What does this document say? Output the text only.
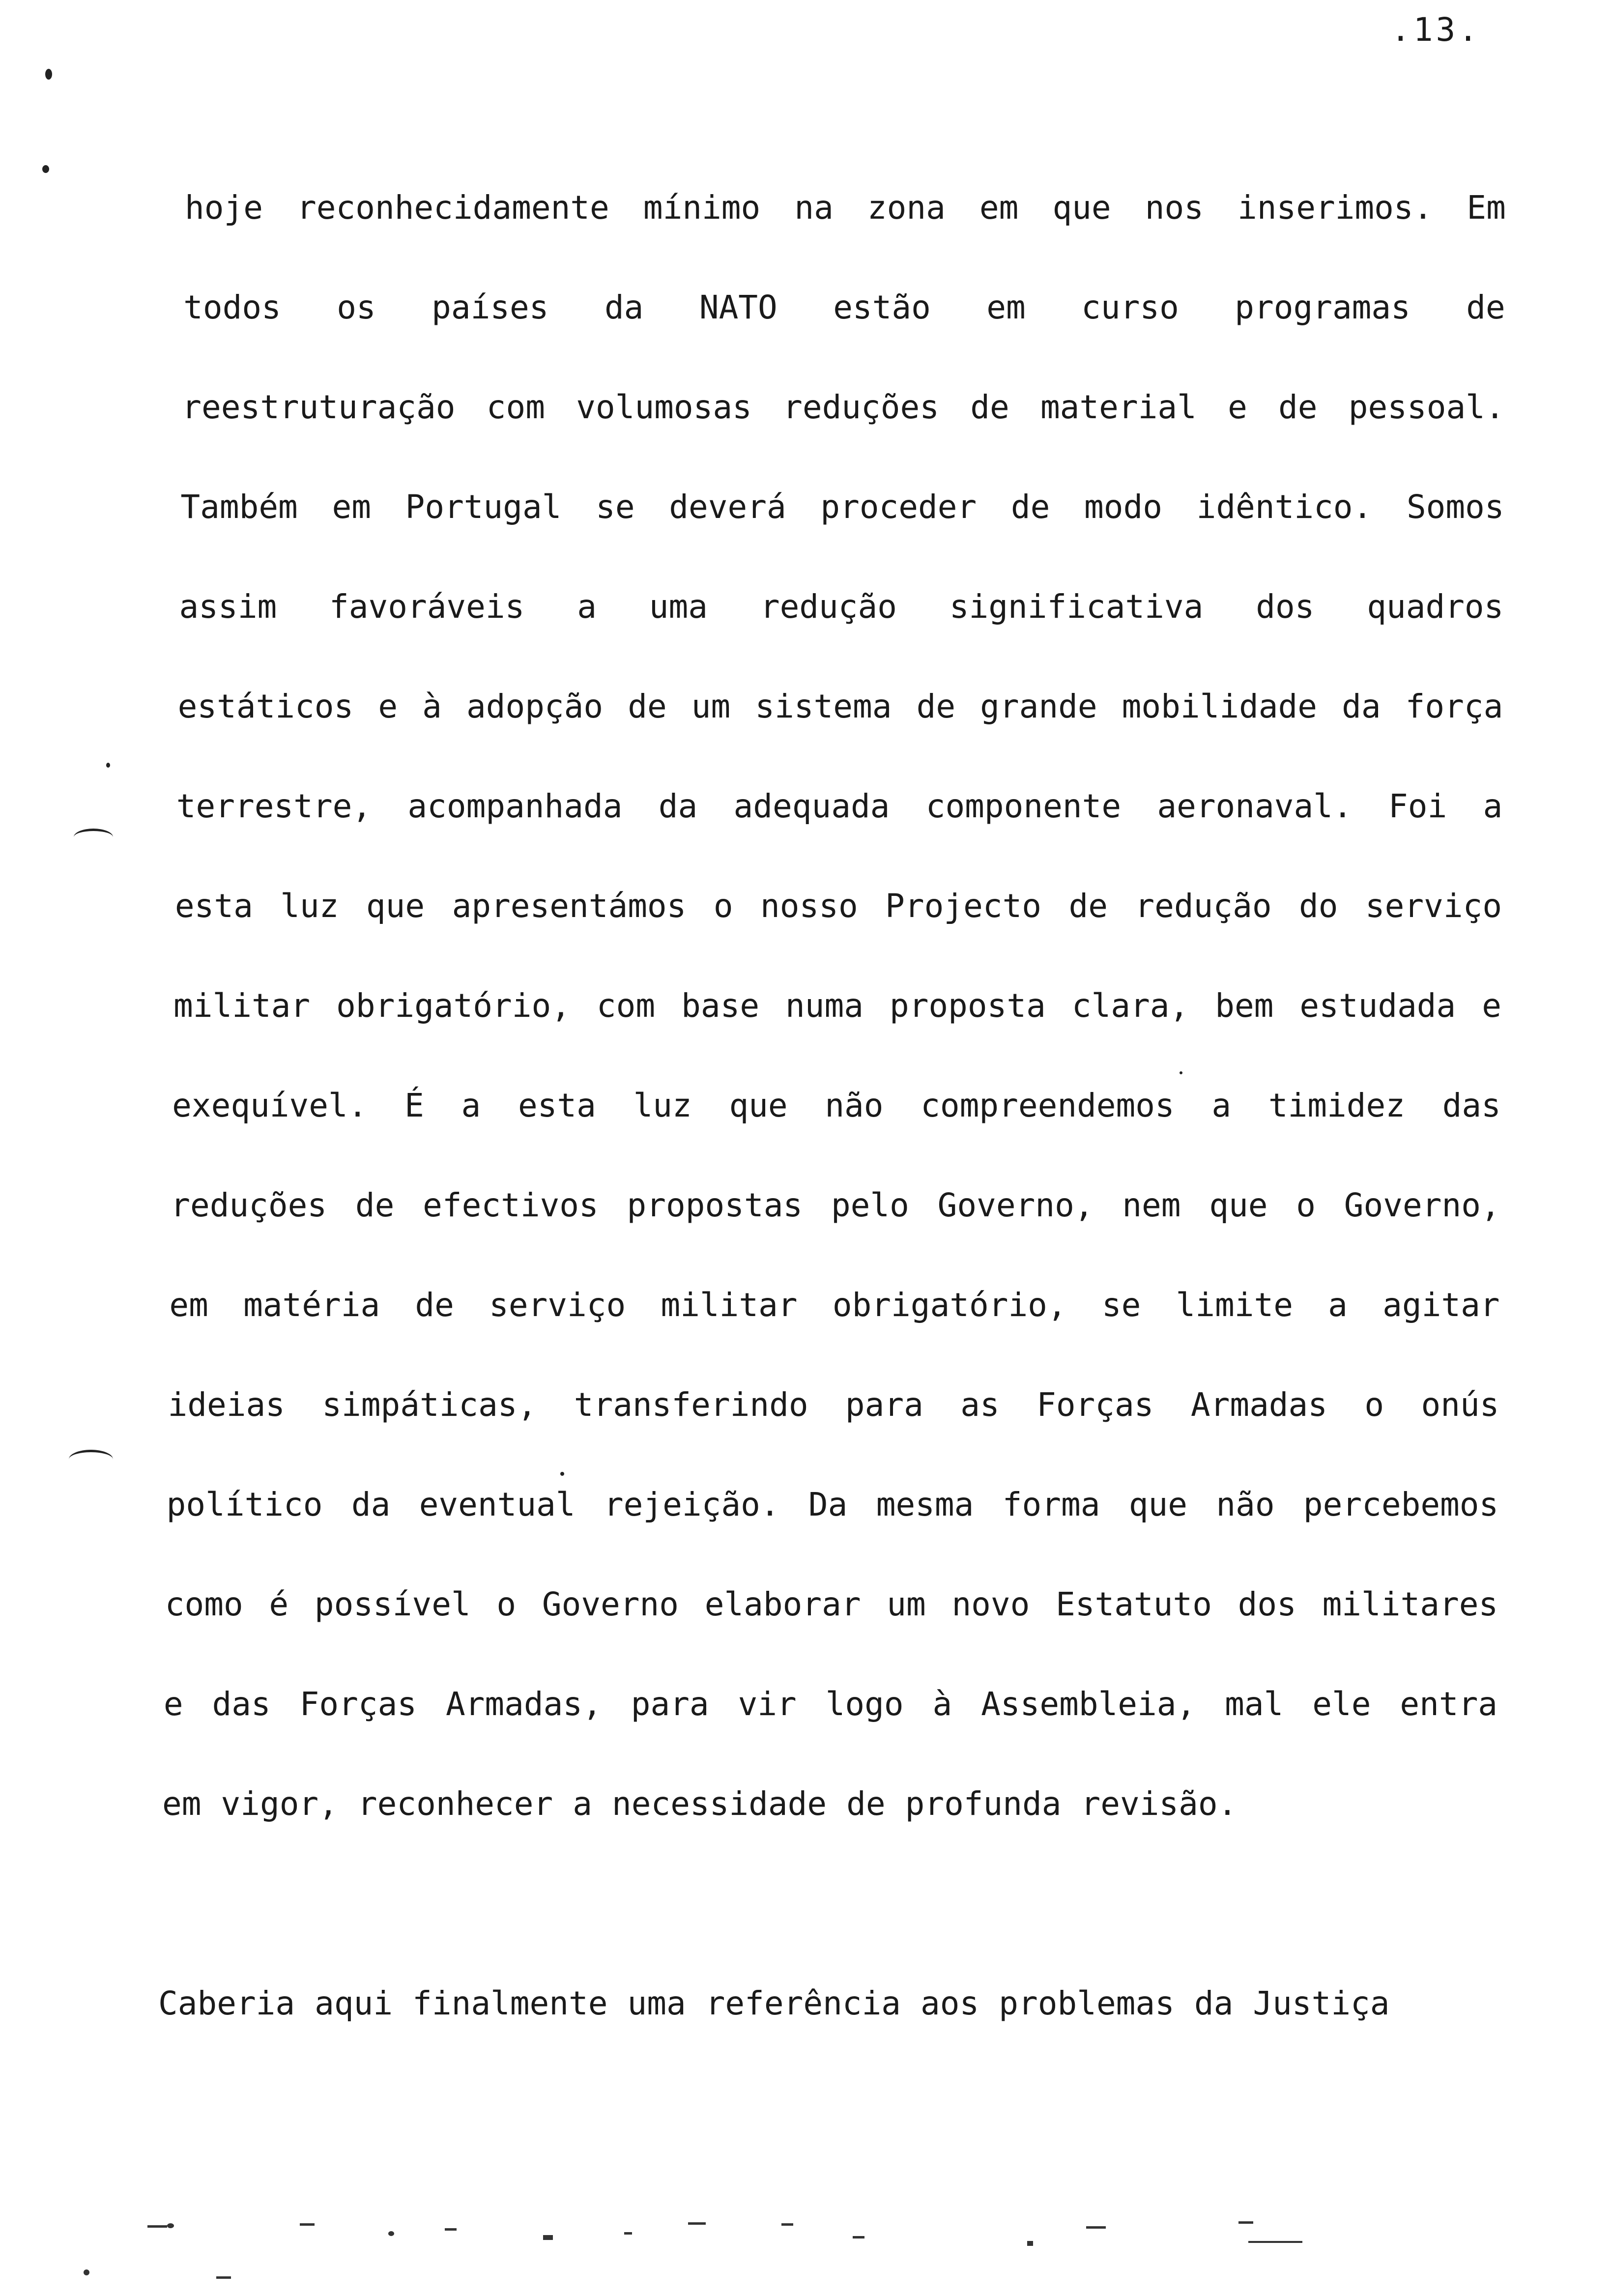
.13.
hoje reconhecidamente mínimo na zona em que nos inserimos. Em
todos os países da NATO estão em curso programas de
reestruturação com volumosas reduções de material e de pessoal.
Também em Portugal se deverá proceder de modo idêntico. Somos
assim favoráveis a uma redução significativa dos quadros
estáticos e à adopção de um sistema de grande mobilidade da força
terrestre, acompanhada da adequada componente aeronaval. Foi a
esta luz que apresentámos o nosso Projecto de redução do serviço
militar obrigatório, com base numa proposta clara, bem estudada e
exequível. É a esta luz que não compreendemos a timidez das
reduções de efectivos propostas pelo Governo, nem que o Governo,
em matéria de serviço militar obrigatório, se limite a agitar
ideias simpáticas, transferindo para as Forças Armadas o onús
político da eventual rejeição. Da mesma forma que não percebemos
como é possível o Governo elaborar um novo Estatuto dos militares
e das Forças Armadas, para vir logo à Assembleia, mal ele entra
em vigor, reconhecer a necessidade de profunda revisão.
Caberia aqui finalmente uma referência aos problemas da Justiça
